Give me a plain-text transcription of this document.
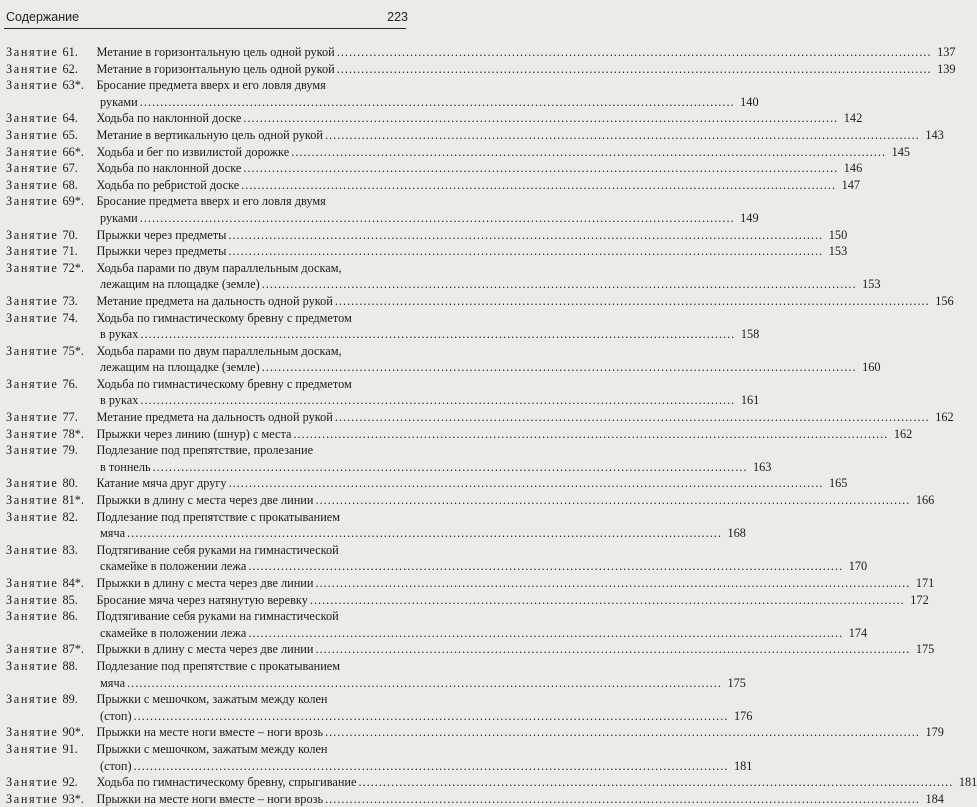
Содержание	223
Занятие 61.	Метание в горизонтальную цель одной рукой .....	137
Занятие 62.	Метание в горизонтальную цель одной рукой .....	139
Занятие 63*.	Бросание предмета вверх и его ловля двумя
руками .....	140
Занятие 64.	Ходьба по наклонной доске .....	142
Занятие 65.	Метание в вертикальную цель одной рукой .....	143
Занятие 66*.	Ходьба и бег по извилистой дорожке .....	145
Занятие 67.	Ходьба по наклонной доске .....	146
Занятие 68.	Ходьба по ребристой доске .....	147
Занятие 69*.	Бросание предмета вверх и его ловля двумя
руками .....	149
Занятие 70.	Прыжки через предметы .....	150
Занятие 71.	Прыжки через предметы .....	153
Занятие 72*.	Ходьба парами по двум параллельным доскам,
лежащим на площадке (земле) .....	153
Занятие 73.	Метание предмета на дальность одной рукой .....	156
Занятие 74.	Ходьба по гимнастическому бревну с предметом
в руках .....	158
Занятие 75*.	Ходьба парами по двум параллельным доскам,
лежащим на площадке (земле) .....	160
Занятие 76.	Ходьба по гимнастическому бревну с предметом
в руках .....	161
Занятие 77.	Метание предмета на дальность одной рукой .....	162
Занятие 78*.	Прыжки через линию (шнур) с места .....	162
Занятие 79.	Подлезание под препятствие, пролезание
в тоннель .....	163
Занятие 80.	Катание мяча друг другу .....	165
Занятие 81*.	Прыжки в длину с места через две линии .....	166
Занятие 82.	Подлезание под препятствие с прокатыванием
мяча .....	168
Занятие 83.	Подтягивание себя руками на гимнастической
скамейке в положении лежа .....	170
Занятие 84*.	Прыжки в длину с места через две линии .....	171
Занятие 85.	Бросание мяча через натянутую веревку .....	172
Занятие 86.	Подтягивание себя руками на гимнастической
скамейке в положении лежа .....	174
Занятие 87*.	Прыжки в длину с места через две линии .....	175
Занятие 88.	Подлезание под препятствие с прокатыванием
мяча .....	175
Занятие 89.	Прыжки с мешочком, зажатым между колен
(стоп) .....	176
Занятие 90*.	Прыжки на месте ноги вместе – ноги врозь .....	179
Занятие 91.	Прыжки с мешочком, зажатым между колен
(стоп) .....	181
Занятие 92.	Ходьба по гимнастическому бревну, спрыгивание .....	181
Занятие 93*.	Прыжки на месте ноги вместе – ноги врозь .....	184
